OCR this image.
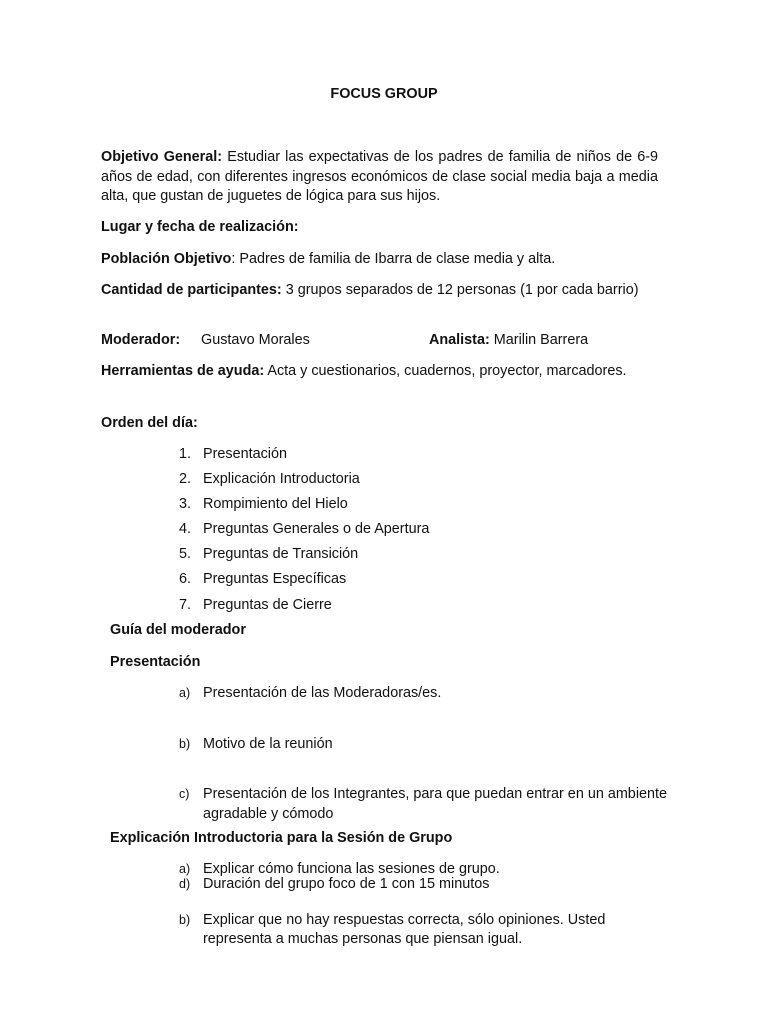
FOCUS GROUP

Objetivo General: Estudiar las expectativas de los padres de familia de niños de 6-9 años de edad, con diferentes ingresos económicos de clase social media baja a media alta, que gustan de juguetes de lógica para sus hijos.

Lugar y fecha de realización:

Población Objetivo: Padres de familia de Ibarra de clase media y alta.

Cantidad de participantes: 3 grupos separados de 12 personas (1 por cada barrio)

Moderador: Gustavo Morales	Analista: Marilin Barrera

Herramientas de ayuda: Acta y cuestionarios, cuadernos, proyector, marcadores.

Orden del día:
1. Presentación
2. Explicación Introductoria
3. Rompimiento del Hielo
4. Preguntas Generales o de Apertura
5. Preguntas de Transición
6. Preguntas Específicas
7. Preguntas de Cierre
Guía del moderador
Presentación
a) Presentación de las Moderadoras/es.
b) Motivo de la reunión
c) Presentación de los Integrantes, para que puedan entrar en un ambiente agradable y cómodo
d) Duración del grupo foco de 1 con 15 minutos
Explicación Introductoria para la Sesión de Grupo
a) Explicar cómo funciona las sesiones de grupo.
b) Explicar que no hay respuestas correcta, sólo opiniones. Usted representa a muchas personas que piensan igual.
